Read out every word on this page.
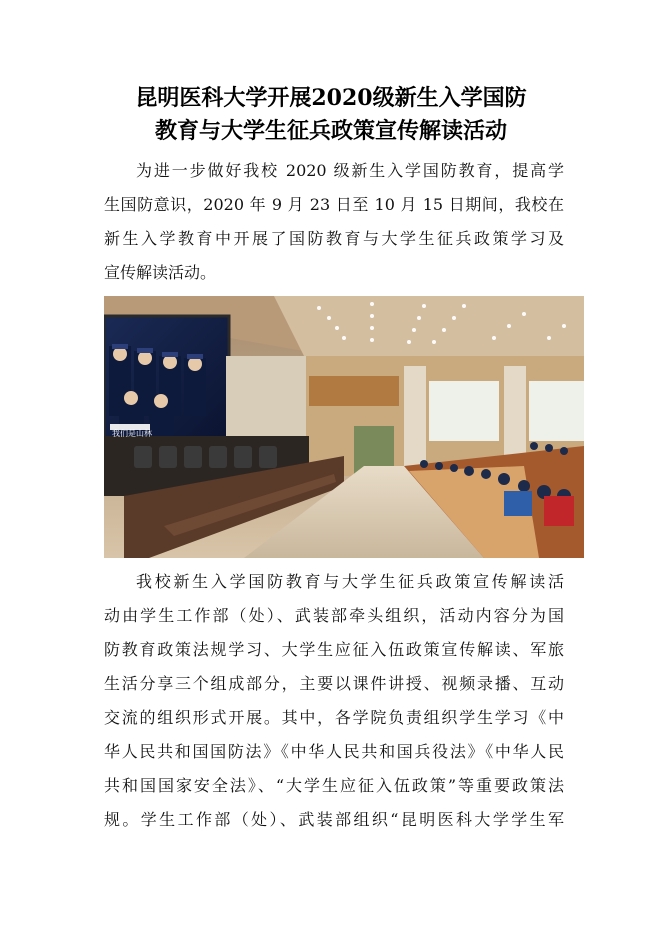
昆明医科大学开展2020级新生入学国防
教育与大学生征兵政策宣传解读活动
为进一步做好我校 2020 级新生入学国防教育，提高学
生国防意识，2020 年 9 月 23 日至 10 月 15 日期间，我校在
新生入学教育中开展了国防教育与大学生征兵政策学习及
宣传解读活动。
我们是山林
我校新生入学国防教育与大学生征兵政策宣传解读活
动由学生工作部（处）、武装部牵头组织，活动内容分为国
防教育政策法规学习、大学生应征入伍政策宣传解读、军旅
生活分享三个组成部分，主要以课件讲授、视频录播、互动
交流的组织形式开展。其中，各学院负责组织学生学习《中
华人民共和国国防法》《中华人民共和国兵役法》《中华人民
共和国国家安全法》、“大学生应征入伍政策”等重要政策法
规。学生工作部（处）、武装部组织“昆明医科大学学生军
